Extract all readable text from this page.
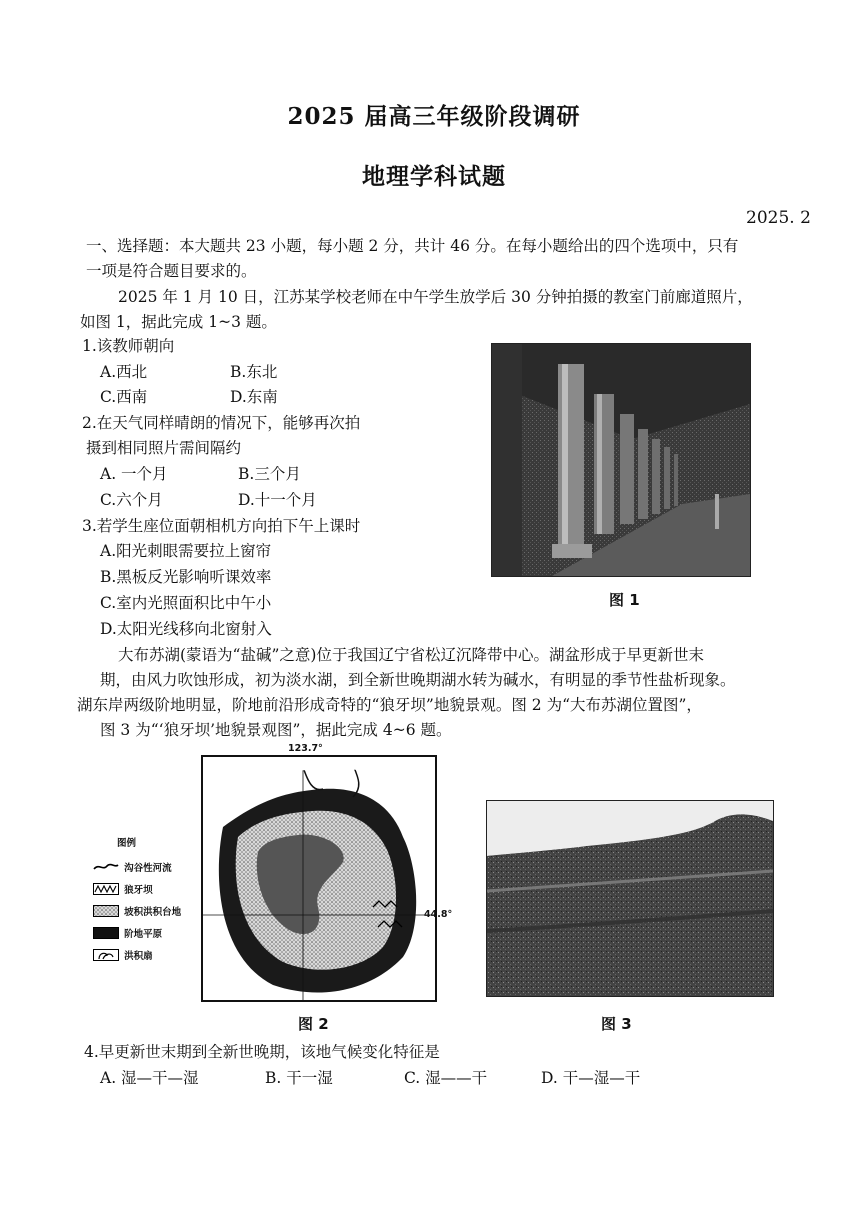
2025 届高三年级阶段调研
地理学科试题
2025. 2
一、选择题：本大题共 23 小题，每小题 2 分，共计 46 分。在每小题给出的四个选项中，只有
一项是符合题目要求的。
2025 年 1 月 10 日，江苏某学校老师在中午学生放学后 30 分钟拍摄的教室门前廊道照片，
如图 1，据此完成 1~3 题。
1.该教师朝向
A.西北	B.东北
C.西南	D.东南
2.在天气同样晴朗的情况下，能够再次拍
摄到相同照片需间隔约
A. 一个月	B.三个月
C.六个月	D.十一个月
3.若学生座位面朝相机方向拍下午上课时
A.阳光刺眼需要拉上窗帘
B.黑板反光影响听课效率
C.室内光照面积比中午小
D.太阳光线移向北窗射入
图 1
大布苏湖(蒙语为“盐碱”之意)位于我国辽宁省松辽沉降带中心。湖盆形成于早更新世末
期，由风力吹蚀形成，初为淡水湖，到全新世晚期湖水转为碱水，有明显的季节性盐析现象。
湖东岸两级阶地明显，阶地前沿形成奇特的“狼牙坝”地貌景观。图 2 为“大布苏湖位置图”，
图 3 为“‘狼牙坝’地貌景观图”，据此完成 4~6 题。
123.7°
44.8°
图例
沟谷性河流
狼牙坝
坡积洪积台地
阶地平原
洪积扇
图 2	图 3
4.早更新世末期到全新世晚期，该地气候变化特征是
A. 湿—干—湿	B. 干一湿	C. 湿——干	D. 干—湿—干
